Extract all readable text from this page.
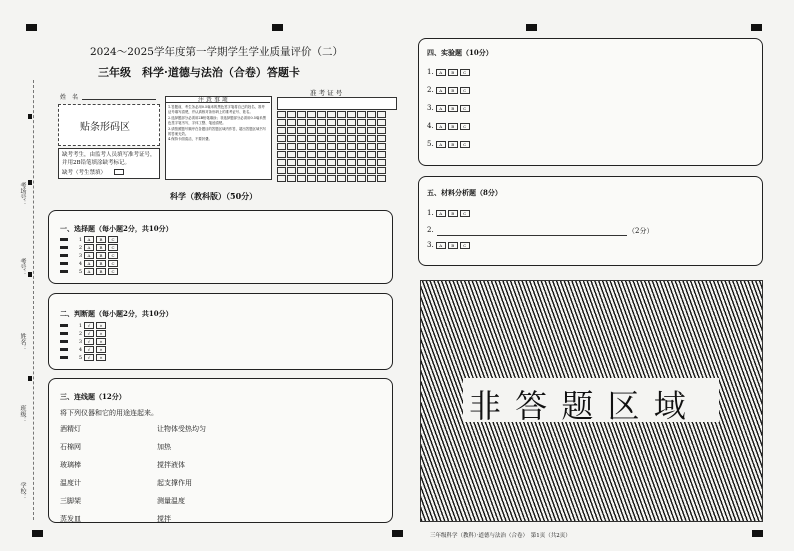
学校：
班级：
姓名：
考号：
考场号：
2024～2025学年度第一学期学生学业质量评价（二）
三年级　科学·道德与法治（合卷）答题卡
姓　名
贴条形码区
缺考考生，由监考人员填写准考证号，并用2B铅笔填涂缺考标记。
缺考（考生禁填）
注 意 事 项
1.答题前，考生务必用0.5毫米的黑色签字笔将自己的姓名、准考证号填写清楚，并认真核对条形码上的准考证号、姓名。
2.选择题部分必须用2B铅笔填涂；非选择题部分必须用0.5毫米黑色签字笔书写，字体工整、笔迹清楚。
3.请按照题号顺序在各题目的答题区域内作答，超出答题区域书写的答案无效。
4.保持卡面清洁，不要折叠。
准 考 证 号
科学（教科版）（50分）
一、选择题（每小题2分，共10分）
1 A B C
2 A B C
3 A B C
4 A B C
5 A B C
二、判断题（每小题2分，共10分）
1 √ ×
2 √ ×
3 √ ×
4 √ ×
5 √ ×
三、连线题（12分）
将下列仪器和它的用途连起来。
酒精灯
石棉网
玻璃棒
温度计
三脚架
蒸发皿
让物体受热均匀
加热
搅拌液体
起支撑作用
测量温度
搅拌
四、实验题（10分）
1. A B C
2. A B C
3. A B C
4. A B C
5. A B C
五、材料分析题（8分）
1. A B C
2.	（2分）
3. A B C
非 答 题 区 域
三年级科学（教科）·道德与法治（合卷）　第1页（共2页）
